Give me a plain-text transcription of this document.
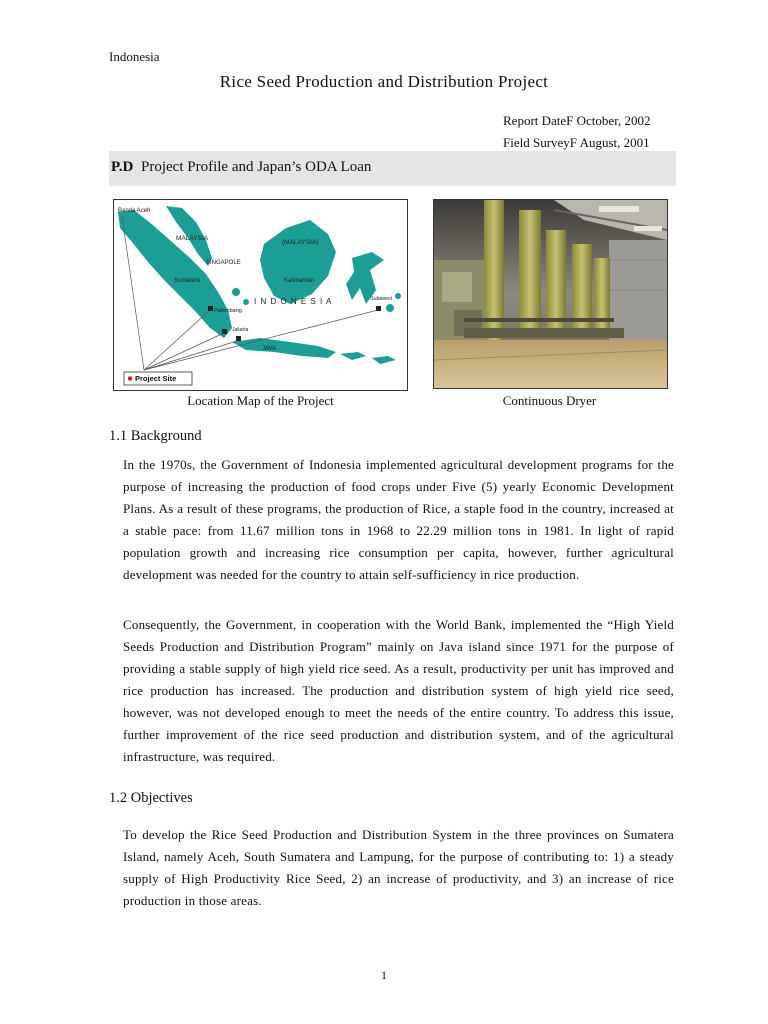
Indonesia
Rice Seed Production and Distribution Project
Report DateF October, 2002
Field SurveyF August, 2001
P.D Project Profile and Japan’s ODA Loan
Banda Aceh
MALAYSIA
(MALAYSIA)
SINGAPOLE
Kalimantan
Sumatera
I N D O N E S I A	Sulawesi
Palembang
Jakarta
JAVA
Project Site
Location Map of the Project	Continuous Dryer
1.1 Background
In the 1970s, the Government of Indonesia implemented agricultural development programs for the purpose of increasing the production of food crops under Five (5) yearly Economic Development Plans. As a result of these programs, the production of Rice, a staple food in the country, increased at a stable pace: from 11.67 million tons in 1968 to 22.29 million tons in 1981. In light of rapid population growth and increasing rice consumption per capita, however, further agricultural development was needed for the country to attain self-sufficiency in rice production.
Consequently, the Government, in cooperation with the World Bank, implemented the “High Yield Seeds Production and Distribution Program” mainly on Java island since 1971 for the purpose of providing a stable supply of high yield rice seed. As a result, productivity per unit has improved and rice production has increased. The production and distribution system of high yield rice seed, however, was not developed enough to meet the needs of the entire country. To address this issue, further improvement of the rice seed production and distribution system, and of the agricultural infrastructure, was required.
1.2 Objectives
To develop the Rice Seed Production and Distribution System in the three provinces on Sumatera Island, namely Aceh, South Sumatera and Lampung, for the purpose of contributing to: 1) a steady supply of High Productivity Rice Seed, 2) an increase of productivity, and 3) an increase of rice production in those areas.
1
